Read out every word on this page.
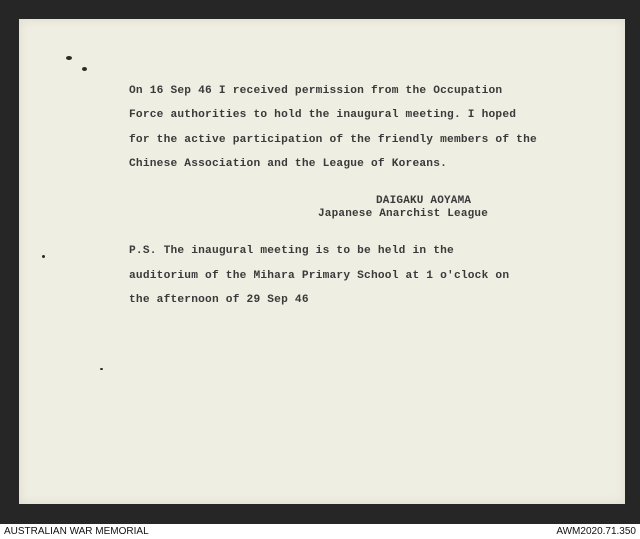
On 16 Sep 46 I received permission from the Occupation
Force authorities to hold the inaugural meeting. I hoped
for the active participation of the friendly members of the
Chinese Association and the League of Koreans.
DAIGAKU AOYAMA
Japanese Anarchist League
P.S. The inaugural meeting is to be held in the
auditorium of the Mihara Primary School at 1 o'clock on
the afternoon of 29 Sep 46
AUSTRALIAN WAR MEMORIAL	AWM2020.71.350
